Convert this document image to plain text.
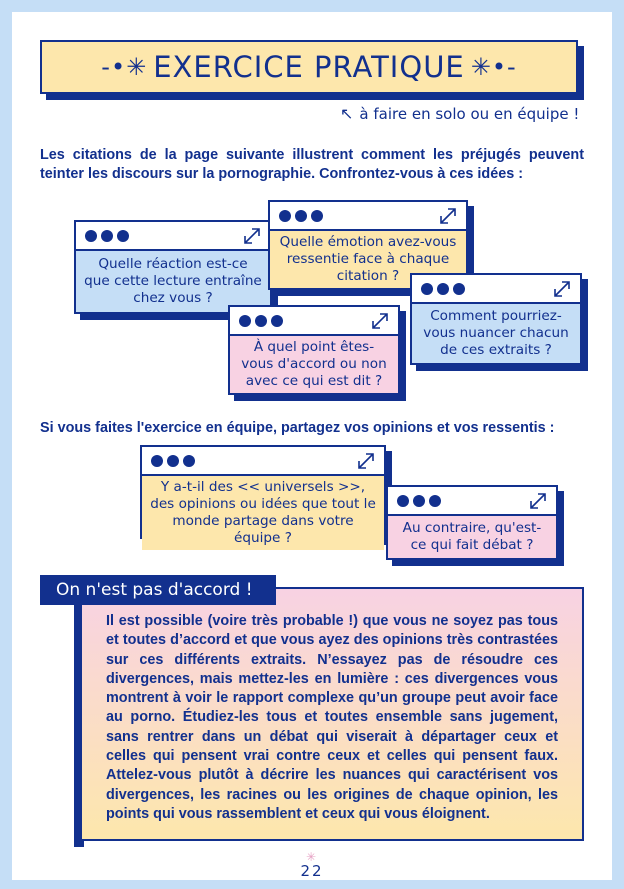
-•✳ EXERCICE PRATIQUE ✳•-
↖ à faire en solo ou en équipe !

Les citations de la page suivante illustrent comment les préjugés peuvent teinter les discours sur la pornographie. Confrontez-vous à ces idées :

Quelle réaction est-ce que cette lecture entraîne chez vous ?
Quelle émotion avez-vous ressentie face à chaque citation ?
Comment pourriez-vous nuancer chacun de ces extraits ?
À quel point êtes-vous d'accord ou non avec ce qui est dit ?

Si vous faites l'exercice en équipe, partagez vos opinions et vos ressentis :

Y a-t-il des << universels >>, des opinions ou idées que tout le monde partage dans votre équipe ?
Au contraire, qu'est-ce qui fait débat ?
On n'est pas d'accord !

Il est possible (voire très probable !) que vous ne soyez pas tous et toutes d’accord et que vous ayez des opinions très contrastées sur ces différents extraits. N’essayez pas de résoudre ces divergences, mais mettez-les en lumière : ces divergences vous montrent à voir le rapport complexe qu’un groupe peut avoir face au porno. Étudiez-les tous et toutes ensemble sans jugement, sans rentrer dans un débat qui viserait à départager ceux et celles qui pensent vrai contre ceux et celles qui pensent faux. Attelez-vous plutôt à décrire les nuances qui caractérisent vos divergences, les racines ou les origines de chaque opinion, les points qui vous rassemblent et ceux qui vous éloignent.

✳
22
